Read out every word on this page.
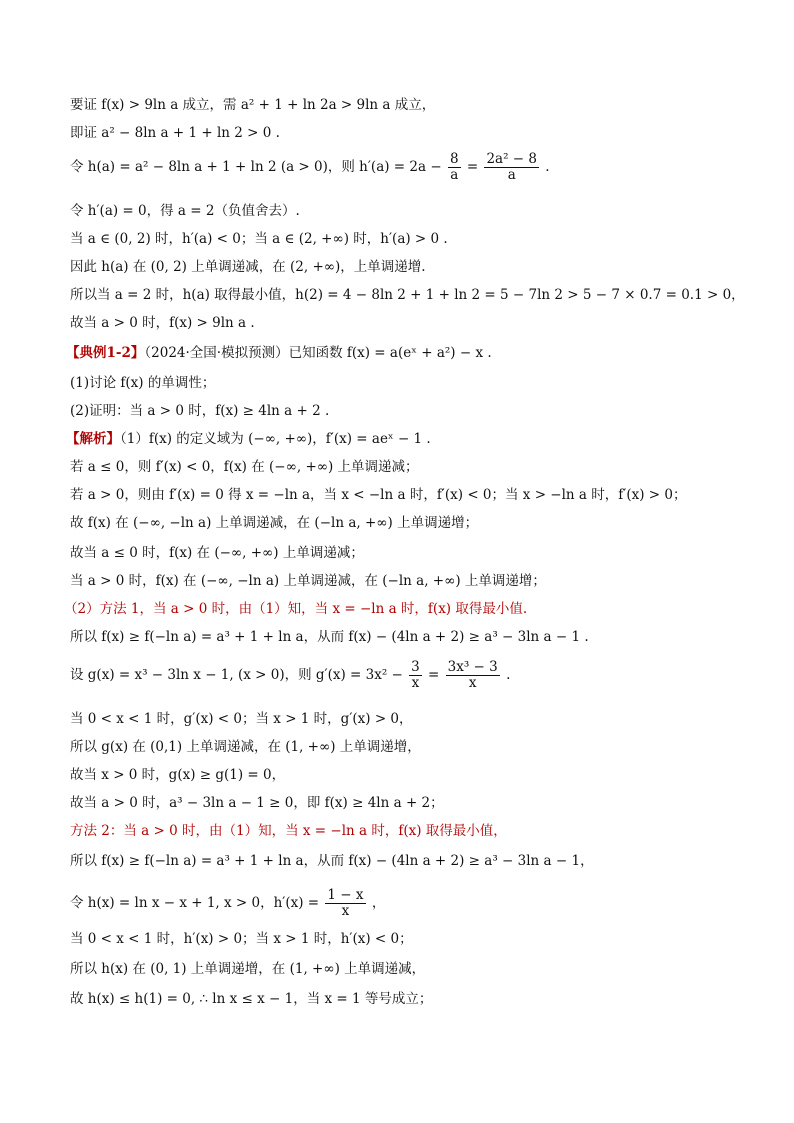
要证 f(x) > 9ln a 成立，需 a² + 1 + ln 2a > 9ln a 成立，
即证 a² − 8ln a + 1 + ln 2 > 0 .
令 h(a) = a² − 8ln a + 1 + ln 2 (a > 0)，则 $h'(a) = 2a - \frac{8}{a} = \frac{\text{2a² − 8}}{a}$ .
令 h′(a) = 0，得 a = 2（负值舍去）.
当 a ∈ (0, 2) 时，h′(a) < 0；当 a ∈ (2, +∞) 时，h′(a) > 0 .
因此 h(a) 在 (0, 2) 上单调递减，在 (2, +∞)，上单调递增.
所以当 a = 2 时，h(a) 取得最小值，h(2) = 4 − 8ln 2 + 1 + ln 2 = 5 − 7ln 2 > 5 − 7 × 0.7 = 0.1 > 0，
故当 a > 0 时，f(x) > 9ln a .
【典例1-2】（2024·全国·模拟预测）已知函数 f(x) = a(eˣ + a²) − x .
(1)讨论 f(x) 的单调性；
(2)证明：当 a > 0 时，f(x) ≥ 4ln a + 2 .
【解析】（1）f(x) 的定义域为 (−∞, +∞)，f′(x) = aeˣ − 1 .
若 a ≤ 0，则 f′(x) < 0，f(x) 在 (−∞, +∞) 上单调递减；
若 a > 0，则由 f′(x) = 0 得 x = −ln a，当 x < −ln a 时，f′(x) < 0；当 x > −ln a 时，f′(x) > 0；
故 f(x) 在 (−∞, −ln a) 上单调递减，在 (−ln a, +∞) 上单调递增；
故当 a ≤ 0 时，f(x) 在 (−∞, +∞) 上单调递减；
当 a > 0 时，f(x) 在 (−∞, −ln a) 上单调递减，在 (−ln a, +∞) 上单调递增；
（2）方法 1，当 a > 0 时，由（1）知，当 x = −ln a 时，f(x) 取得最小值.
所以 f(x) ≥ f(−ln a) = a³ + 1 + ln a，从而 f(x) − (4ln a + 2) ≥ a³ − 3ln a − 1 .
设 g(x) = x³ − 3ln x − 1, (x > 0)，则 $g'(x) = 3x^2 - \frac{3}{x} = \frac{\text{3x³ − 3}}{x}$ .
当 0 < x < 1 时，g′(x) < 0；当 x > 1 时，g′(x) > 0，
所以 g(x) 在 (0,1) 上单调递减，在 (1, +∞) 上单调递增，
故当 x > 0 时，g(x) ≥ g(1) = 0，
故当 a > 0 时，a³ − 3ln a − 1 ≥ 0，即 f(x) ≥ 4ln a + 2；
方法 2：当 a > 0 时，由（1）知，当 x = −ln a 时，f(x) 取得最小值，
所以 f(x) ≥ f(−ln a) = a³ + 1 + ln a，从而 f(x) − (4ln a + 2) ≥ a³ − 3ln a − 1，
令 h(x) = ln x − x + 1, x > 0，$h'(x) = \frac{1 - x}{x}$ ，
当 0 < x < 1 时，h′(x) > 0；当 x > 1 时，h′(x) < 0；
所以 h(x) 在 (0, 1) 上单调递增，在 (1, +∞) 上单调递减，
故 h(x) ≤ h(1) = 0, ∴ ln x ≤ x − 1，当 x = 1 等号成立；
